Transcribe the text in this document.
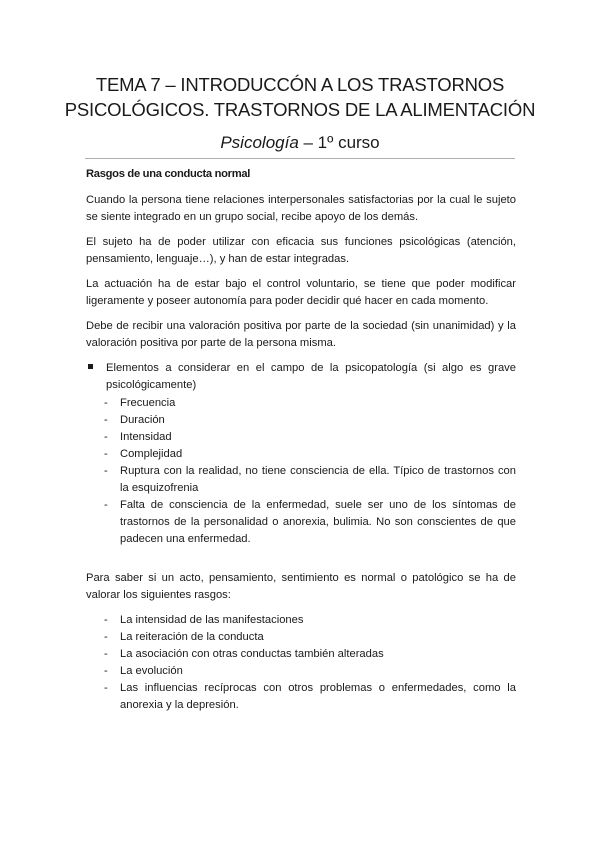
TEMA 7 – INTRODUCCÓN A LOS TRASTORNOS
PSICOLÓGICOS. TRASTORNOS DE LA ALIMENTACIÓN
Psicología – 1º curso
Rasgos de una conducta normal

Cuando la persona tiene relaciones interpersonales satisfactorias por la cual le sujeto se siente integrado en un grupo social, recibe apoyo de los demás.

El sujeto ha de poder utilizar con eficacia sus funciones psicológicas (atención, pensamiento, lenguaje…), y han de estar integradas.

La actuación ha de estar bajo el control voluntario, se tiene que poder modificar ligeramente y poseer autonomía para poder decidir qué hacer en cada momento.

Debe de recibir una valoración positiva por parte de la sociedad (sin unanimidad) y la valoración positiva por parte de la persona misma.

Elementos a considerar en el campo de la psicopatología (si algo es grave psicológicamente)
- Frecuencia
- Duración
- Intensidad
- Complejidad
- Ruptura con la realidad, no tiene consciencia de ella. Típico de trastornos con la esquizofrenia
- Falta de consciencia de la enfermedad, suele ser uno de los síntomas de trastornos de la personalidad o anorexia, bulimia. No son conscientes de que padecen una enfermedad.

Para saber si un acto, pensamiento, sentimiento es normal o patológico se ha de valorar los siguientes rasgos:

- La intensidad de las manifestaciones
- La reiteración de la conducta
- La asociación con otras conductas también alteradas
- La evolución
- Las influencias recíprocas con otros problemas o enfermedades, como la anorexia y la depresión.
